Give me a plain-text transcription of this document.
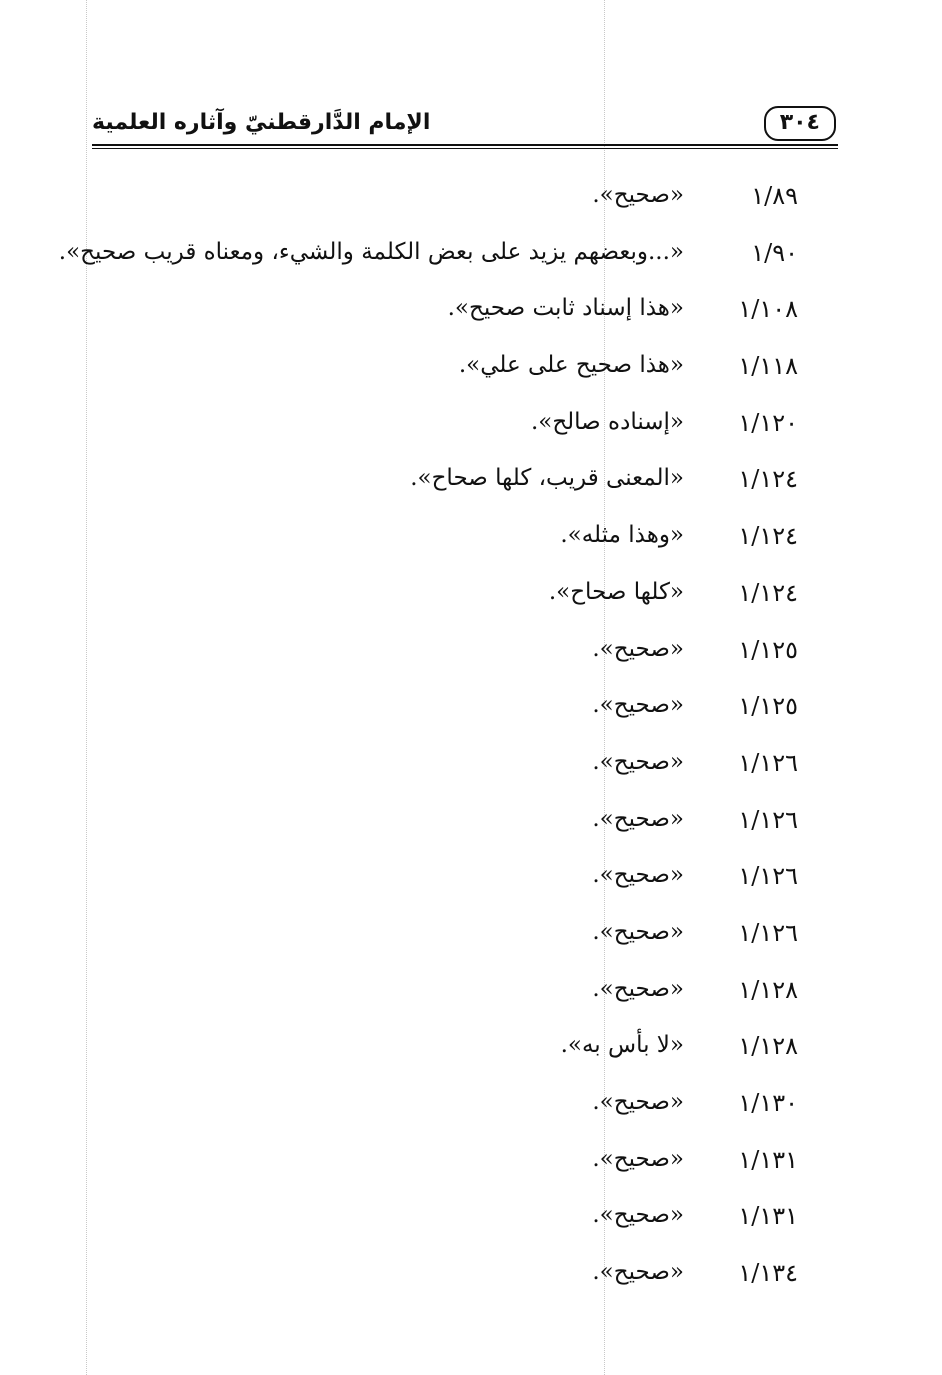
الإمام الدَّارقطنيّ وآثاره العلمية	٣٠٤
١/٨٩
«صحيح».
١/٩٠
«...وبعضهم يزيد على بعض الكلمة والشيء، ومعناه قريب صحيح».
١/١٠٨
«هذا إسناد ثابت صحيح».
١/١١٨
«هذا صحيح على علي».
١/١٢٠
«إسناده صالح».
١/١٢٤
«المعنى قريب، كلها صحاح».
١/١٢٤
«وهذا مثله».
١/١٢٤
«كلها صحاح».
١/١٢٥
«صحيح».
١/١٢٥
«صحيح».
١/١٢٦
«صحيح».
١/١٢٦
«صحيح».
١/١٢٦
«صحيح».
١/١٢٦
«صحيح».
١/١٢٨
«صحيح».
١/١٢٨
«لا بأس به».
١/١٣٠
«صحيح».
١/١٣١
«صحيح».
١/١٣١
«صحيح».
١/١٣٤
«صحيح».
